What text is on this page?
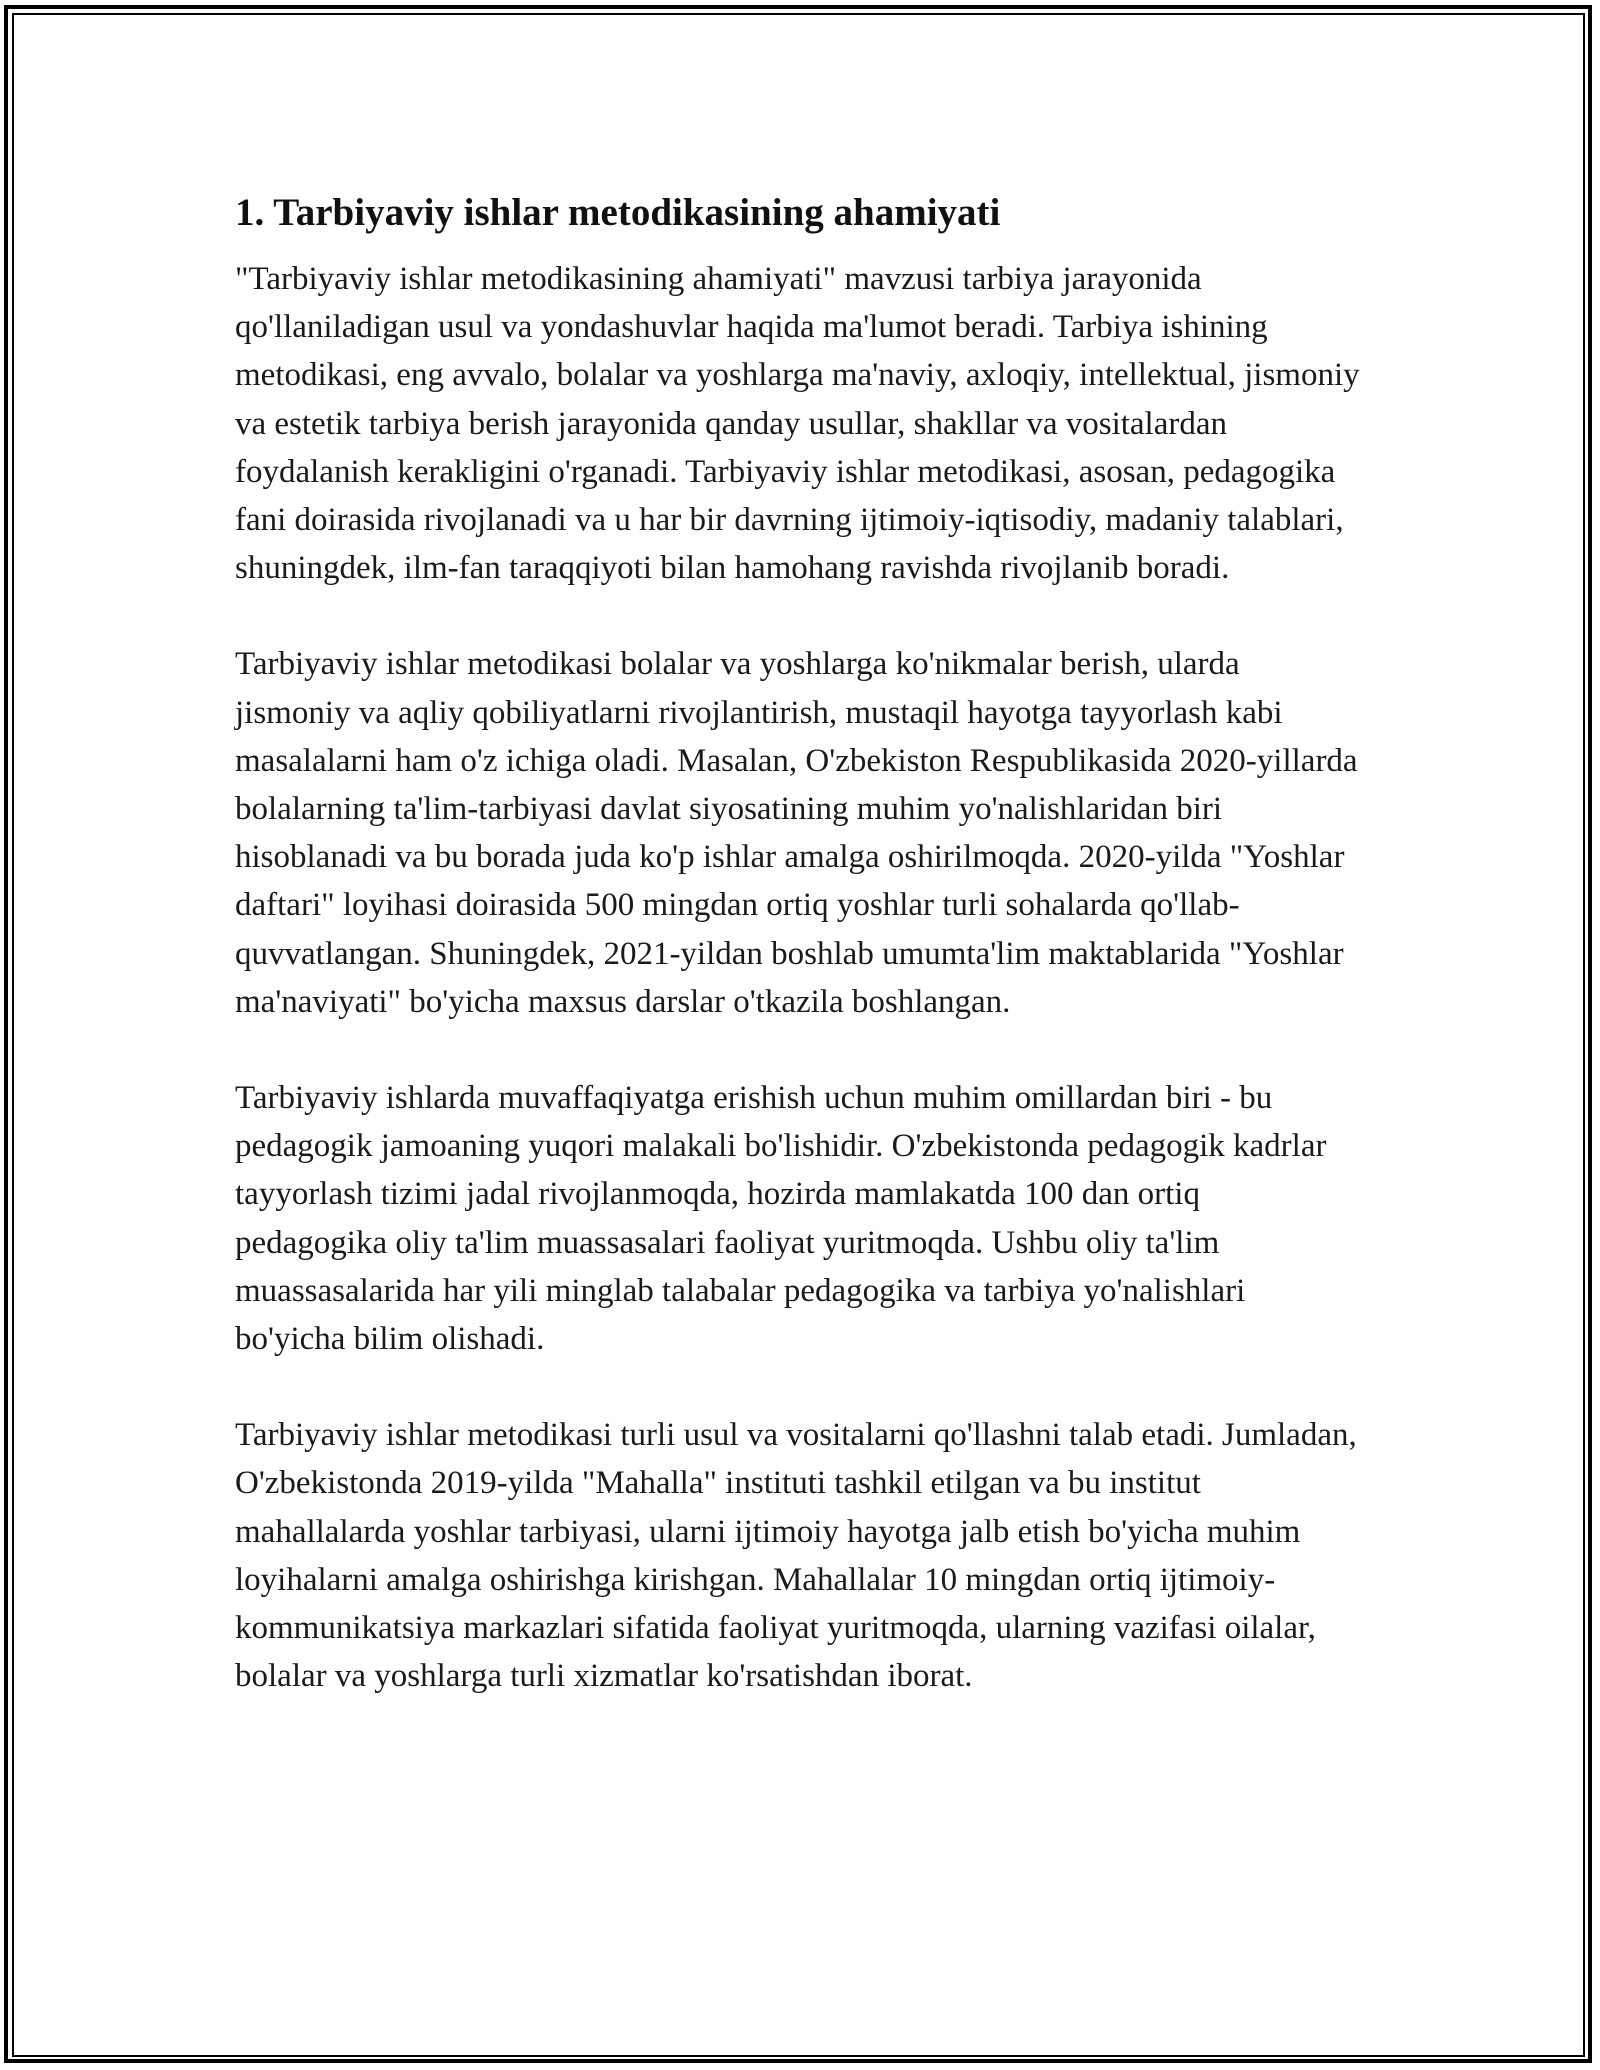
1. Tarbiyaviy ishlar metodikasining ahamiyati

"Tarbiyaviy ishlar metodikasining ahamiyati" mavzusi tarbiya jarayonida qo'llaniladigan usul va yondashuvlar haqida ma'lumot beradi. Tarbiya ishining metodikasi, eng avvalo, bolalar va yoshlarga ma'naviy, axloqiy, intellektual, jismoniy va estetik tarbiya berish jarayonida qanday usullar, shakllar va vositalardan foydalanish kerakligini o'rganadi. Tarbiyaviy ishlar metodikasi, asosan, pedagogika fani doirasida rivojlanadi va u har bir davrning ijtimoiy-iqtisodiy, madaniy talablari, shuningdek, ilm-fan taraqqiyoti bilan hamohang ravishda rivojlanib boradi.

Tarbiyaviy ishlar metodikasi bolalar va yoshlarga ko'nikmalar berish, ularda jismoniy va aqliy qobiliyatlarni rivojlantirish, mustaqil hayotga tayyorlash kabi masalalarni ham o'z ichiga oladi. Masalan, O'zbekiston Respublikasida 2020-yillarda bolalarning ta'lim-tarbiyasi davlat siyosatining muhim yo'nalishlaridan biri hisoblanadi va bu borada juda ko'p ishlar amalga oshirilmoqda. 2020-yilda "Yoshlar daftari" loyihasi doirasida 500 mingdan ortiq yoshlar turli sohalarda qo'llab-quvvatlangan. Shuningdek, 2021-yildan boshlab umumta'lim maktablarida "Yoshlar ma'naviyati" bo'yicha maxsus darslar o'tkazila boshlangan.

Tarbiyaviy ishlarda muvaffaqiyatga erishish uchun muhim omillardan biri - bu pedagogik jamoaning yuqori malakali bo'lishidir. O'zbekistonda pedagogik kadrlar tayyorlash tizimi jadal rivojlanmoqda, hozirda mamlakatda 100 dan ortiq pedagogika oliy ta'lim muassasalari faoliyat yuritmoqda. Ushbu oliy ta'lim muassasalarida har yili minglab talabalar pedagogika va tarbiya yo'nalishlari bo'yicha bilim olishadi.

Tarbiyaviy ishlar metodikasi turli usul va vositalarni qo'llashni talab etadi. Jumladan, O'zbekistonda 2019-yilda "Mahalla" instituti tashkil etilgan va bu institut mahallalarda yoshlar tarbiyasi, ularni ijtimoiy hayotga jalb etish bo'yicha muhim loyihalarni amalga oshirishga kirishgan. Mahallalar 10 mingdan ortiq ijtimoiy-kommunikatsiya markazlari sifatida faoliyat yuritmoqda, ularning vazifasi oilalar, bolalar va yoshlarga turli xizmatlar ko'rsatishdan iborat.
